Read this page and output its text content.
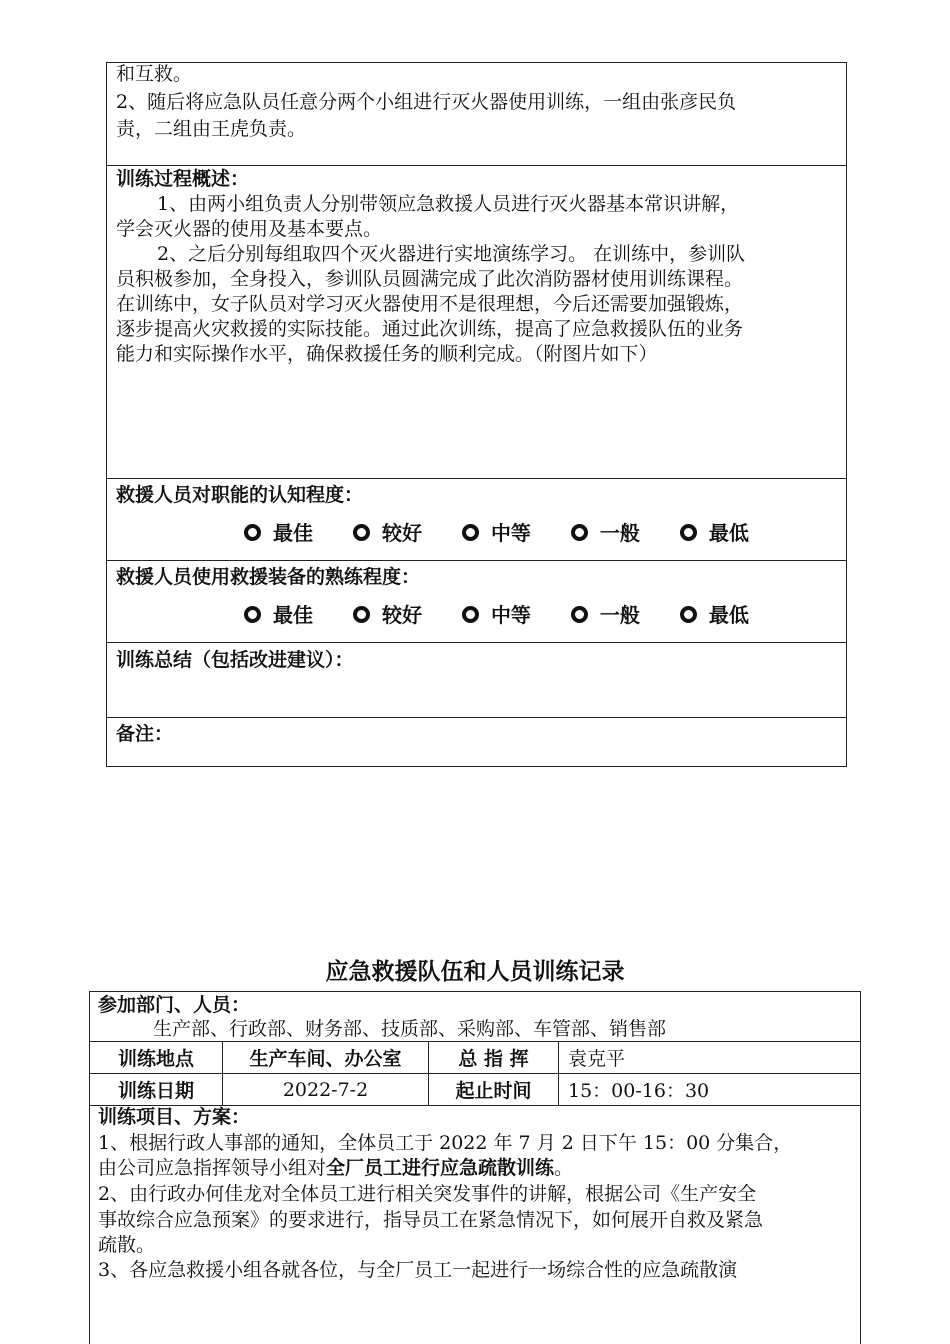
和互救。
2、随后将应急队员任意分两个小组进行灭火器使用训练，一组由张彦民负
责，二组由王虎负责。
训练过程概述：
1、由两小组负责人分别带领应急救援人员进行灭火器基本常识讲解，
学会灭火器的使用及基本要点。
2、之后分别每组取四个灭火器进行实地演练学习。 在训练中，参训队
员积极参加，全身投入，参训队员圆满完成了此次消防器材使用训练课程。
在训练中，女子队员对学习灭火器使用不是很理想，今后还需要加强锻炼，
逐步提高火灾救援的实际技能。通过此次训练，提高了应急救援队伍的业务
能力和实际操作水平，确保救援任务的顺利完成。（附图片如下）
救援人员对职能的认知程度：
最佳	较好	中等	一般	最低
救援人员使用救援装备的熟练程度：
最佳	较好	中等	一般	最低
训练总结（包括改进建议）：
备注：
应急救援队伍和人员训练记录
参加部门、人员：
生产部、行政部、财务部、技质部、采购部、车管部、销售部
训练地点	生产车间、办公室	总 指 挥	袁克平
训练日期	2022-7-2	起止时间	15：00-16：30
训练项目、方案：
1、根据行政人事部的通知，全体员工于 2022 年 7 月 2 日下午 15：00 分集合，
由公司应急指挥领导小组对全厂员工进行应急疏散训练。
2、由行政办何佳龙对全体员工进行相关突发事件的讲解，根据公司《生产安全
事故综合应急预案》的要求进行，指导员工在紧急情况下，如何展开自救及紧急
疏散。
3、各应急救援小组各就各位，与全厂员工一起进行一场综合性的应急疏散演
